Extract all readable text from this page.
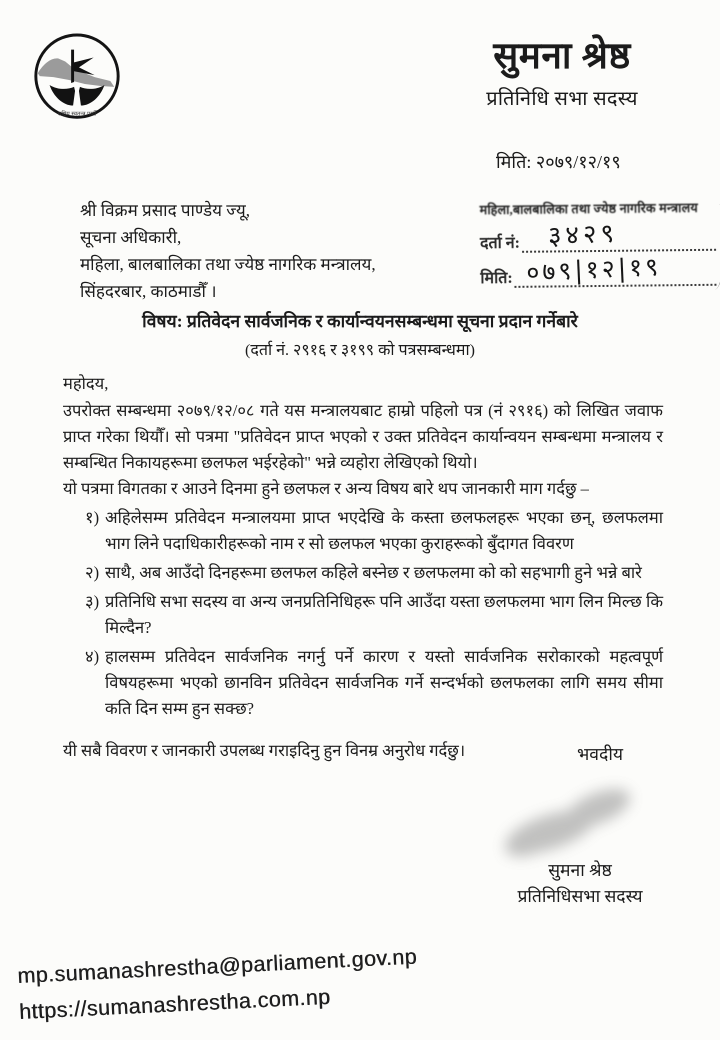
राष्ट्रिय स्वतन्त्र पार्टी
सुमना श्रेष्ठ
प्रतिनिधि सभा सदस्य
मिति: २०७९/१२/१९
श्री विक्रम प्रसाद पाण्डेय ज्यू,
सूचना अधिकारी,
महिला, बालबालिका तथा ज्येष्ठ नागरिक मन्त्रालय,
सिंहदरबार, काठमाडौँ ।
महिला,बालबालिका तथा ज्येष्ठ नागरिक मन्त्रालय
दर्ता नं: ३४२९
मिति: ०७९|१२|१९
विषय: प्रतिवेदन सार्वजनिक र कार्यान्वयनसम्बन्धमा सूचना प्रदान गर्नेबारे
(दर्ता नं. २९१६ र ३१९९ को पत्रसम्बन्धमा)
महोदय,
उपरोक्त सम्बन्धमा २०७९/१२/०८ गते यस मन्त्रालयबाट हाम्रो पहिलो पत्र (नं २९१६) को लिखित जवाफ प्राप्त गरेका थियौँ। सो पत्रमा "प्रतिवेदन प्राप्त भएको र उक्त प्रतिवेदन कार्यान्वयन सम्बन्धमा मन्त्रालय र सम्बन्धित निकायहरूमा छलफल भईरहेको" भन्ने व्यहोरा लेखिएको थियो।
यो पत्रमा विगतका र आउने दिनमा हुने छलफल र अन्य विषय बारे थप जानकारी माग गर्दछु –
१) अहिलेसम्म प्रतिवेदन मन्त्रालयमा प्राप्त भएदेखि के कस्ता छलफलहरू भएका छन्, छलफलमा भाग लिने पदाधिकारीहरूको नाम र सो छलफल भएका कुराहरूको बुँदागत विवरण
२) साथै, अब आउँदो दिनहरूमा छलफल कहिले बस्नेछ र छलफलमा को को सहभागी हुने भन्ने बारे
३) प्रतिनिधि सभा सदस्य वा अन्य जनप्रतिनिधिहरू पनि आउँदा यस्ता छलफलमा भाग लिन मिल्छ कि मिल्दैन?
४) हालसम्म प्रतिवेदन सार्वजनिक नगर्नु पर्ने कारण र यस्तो सार्वजनिक सरोकारको महत्वपूर्ण विषयहरूमा भएको छानविन प्रतिवेदन सार्वजनिक गर्ने सन्दर्भको छलफलका लागि समय सीमा कति दिन सम्म हुन सक्छ?
यी सबै विवरण र जानकारी उपलब्ध गराइदिनु हुन विनम्र अनुरोध गर्दछु।	भवदीय
सुमना श्रेष्ठ
प्रतिनिधिसभा सदस्य
mp.sumanashrestha@parliament.gov.np
https://sumanashrestha.com.np
